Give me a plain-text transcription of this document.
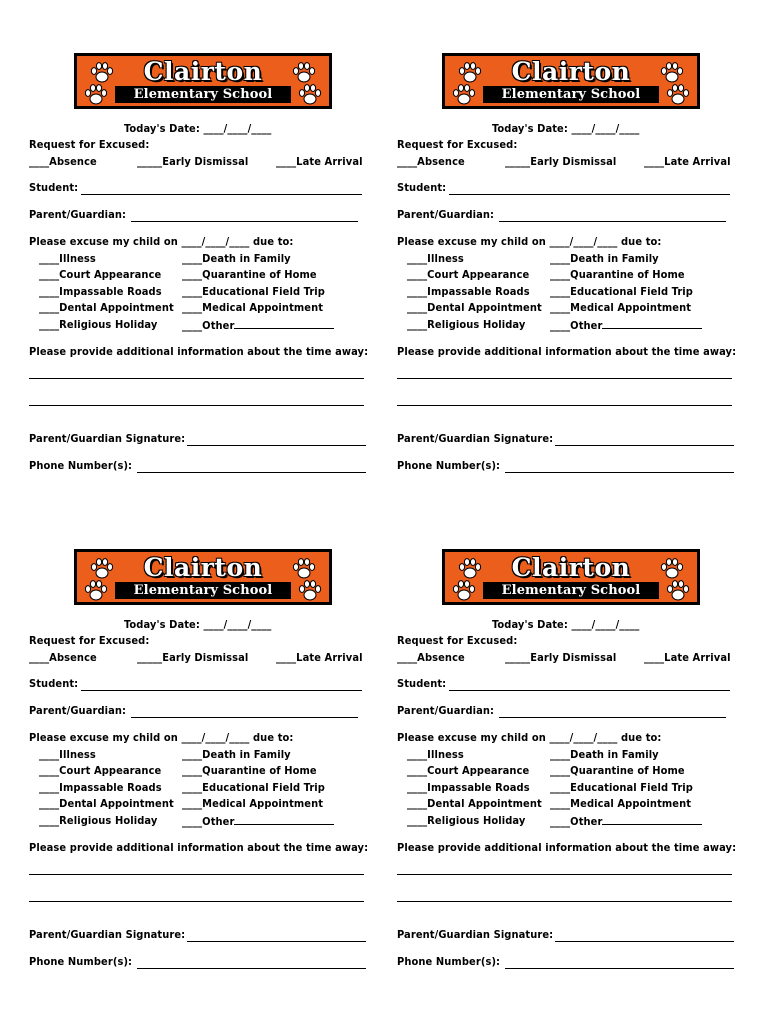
Clairton
Elementary School
Today's Date: ____/____/____
Request for Excused:
____Absence	_____Early Dismissal	____Late Arrival
Student:
Parent/Guardian:
Please excuse my child on ____/____/____ due to:
____Illness
____Court Appearance
____Impassable Roads
____Dental Appointment
____Religious Holiday
____Death in Family
____Quarantine of Home
____Educational Field Trip
____Medical Appointment
____Other
Please provide additional information about the time away:
Parent/Guardian Signature:
Phone Number(s):
Clairton
Elementary School
Today's Date: ____/____/____
Request for Excused:
____Absence	_____Early Dismissal	____Late Arrival
Student:
Parent/Guardian:
Please excuse my child on ____/____/____ due to:
____Illness
____Court Appearance
____Impassable Roads
____Dental Appointment
____Religious Holiday
____Death in Family
____Quarantine of Home
____Educational Field Trip
____Medical Appointment
____Other
Please provide additional information about the time away:
Parent/Guardian Signature:
Phone Number(s):
Clairton
Elementary School
Today's Date: ____/____/____
Request for Excused:
____Absence	_____Early Dismissal	____Late Arrival
Student:
Parent/Guardian:
Please excuse my child on ____/____/____ due to:
____Illness
____Court Appearance
____Impassable Roads
____Dental Appointment
____Religious Holiday
____Death in Family
____Quarantine of Home
____Educational Field Trip
____Medical Appointment
____Other
Please provide additional information about the time away:
Parent/Guardian Signature:
Phone Number(s):
Clairton
Elementary School
Today's Date: ____/____/____
Request for Excused:
____Absence	_____Early Dismissal	____Late Arrival
Student:
Parent/Guardian:
Please excuse my child on ____/____/____ due to:
____Illness
____Court Appearance
____Impassable Roads
____Dental Appointment
____Religious Holiday
____Death in Family
____Quarantine of Home
____Educational Field Trip
____Medical Appointment
____Other
Please provide additional information about the time away:
Parent/Guardian Signature:
Phone Number(s):
